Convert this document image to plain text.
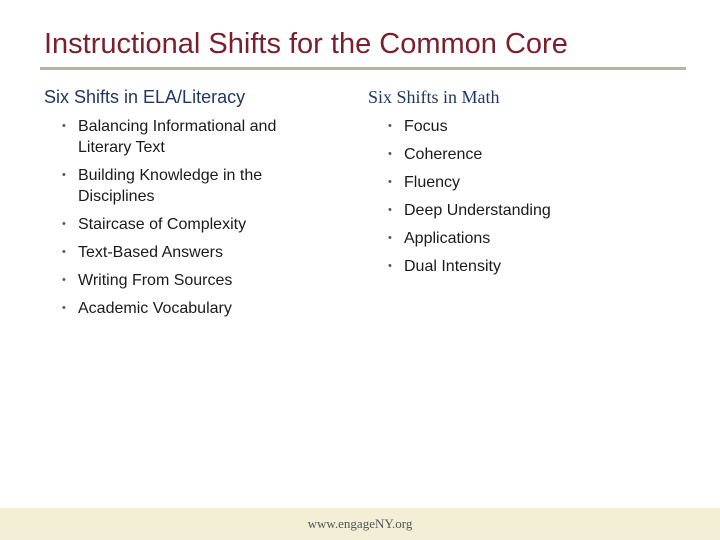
Instructional Shifts for the Common Core
Six Shifts in ELA/Literacy
• Balancing Informational and Literary Text
• Building Knowledge in the Disciplines
• Staircase of Complexity
• Text-Based Answers
• Writing From Sources
• Academic Vocabulary
Six Shifts in Math
• Focus
• Coherence
• Fluency
• Deep Understanding
• Applications
• Dual Intensity
www.engageNY.org
